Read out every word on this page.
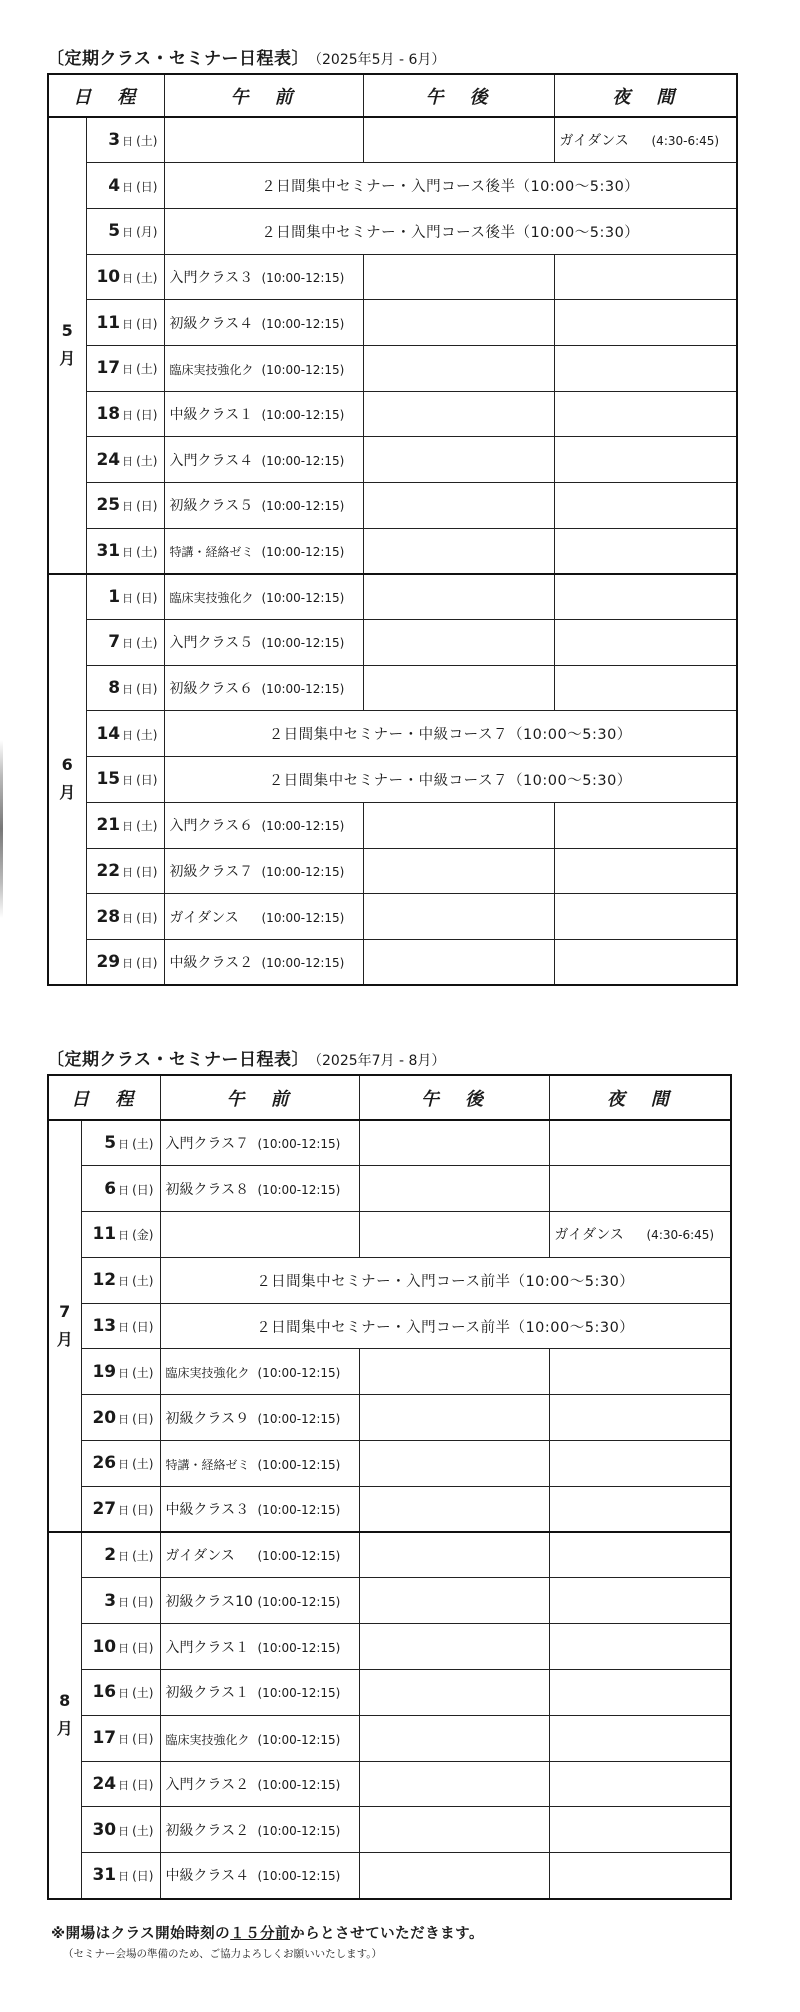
〔定期クラス・セミナー日程表〕 （2025年5月 - 6月）
日　程		午　前	午　後	夜　間

5
月	3 日 (土)			ガイダンス (4:30-6:45)
	4 日 (日)	２日間集中セミナー・入門コース後半（10:00～5:30）		
	5 日 (月)	２日間集中セミナー・入門コース後半（10:00～5:30）		
	10 日 (土)	入門クラス３ (10:00-12:15)		
	11 日 (日)	初級クラス４ (10:00-12:15)		
	17 日 (土)	臨床実技強化ク (10:00-12:15)		
	18 日 (日)	中級クラス１ (10:00-12:15)		
	24 日 (土)	入門クラス４ (10:00-12:15)		
	25 日 (日)	初級クラス５ (10:00-12:15)		
	31 日 (土)	特講・経絡ゼミ (10:00-12:15)		

6
月	1 日 (日)	臨床実技強化ク (10:00-12:15)		
	7 日 (土)	入門クラス５ (10:00-12:15)		
	8 日 (日)	初級クラス６ (10:00-12:15)		
	14 日 (土)	２日間集中セミナー・中級コース７（10:00～5:30）		
	15 日 (日)	２日間集中セミナー・中級コース７（10:00～5:30）		
	21 日 (土)	入門クラス６ (10:00-12:15)		
	22 日 (日)	初級クラス７ (10:00-12:15)		
	28 日 (日)	ガイダンス (10:00-12:15)		
	29 日 (日)	中級クラス２ (10:00-12:15)		
〔定期クラス・セミナー日程表〕 （2025年7月 - 8月）
日　程		午　前	午　後	夜　間

7
月	5 日 (土)	入門クラス７ (10:00-12:15)		
	6 日 (日)	初級クラス８ (10:00-12:15)		
	11 日 (金)			ガイダンス (4:30-6:45)
	12 日 (土)	２日間集中セミナー・入門コース前半（10:00～5:30）		
	13 日 (日)	２日間集中セミナー・入門コース前半（10:00～5:30）		
	19 日 (土)	臨床実技強化ク (10:00-12:15)		
	20 日 (日)	初級クラス９ (10:00-12:15)		
	26 日 (土)	特講・経絡ゼミ (10:00-12:15)		
	27 日 (日)	中級クラス３ (10:00-12:15)		

8
月	2 日 (土)	ガイダンス (10:00-12:15)		
	3 日 (日)	初級クラス10 (10:00-12:15)		
	10 日 (日)	入門クラス１ (10:00-12:15)		
	16 日 (土)	初級クラス１ (10:00-12:15)		
	17 日 (日)	臨床実技強化ク (10:00-12:15)		
	24 日 (日)	入門クラス２ (10:00-12:15)		
	30 日 (土)	初級クラス２ (10:00-12:15)		
	31 日 (日)	中級クラス４ (10:00-12:15)		
※開場はクラス開始時刻の１５分前からとさせていただきます。
（セミナー会場の準備のため、ご協力よろしくお願いいたします。）
